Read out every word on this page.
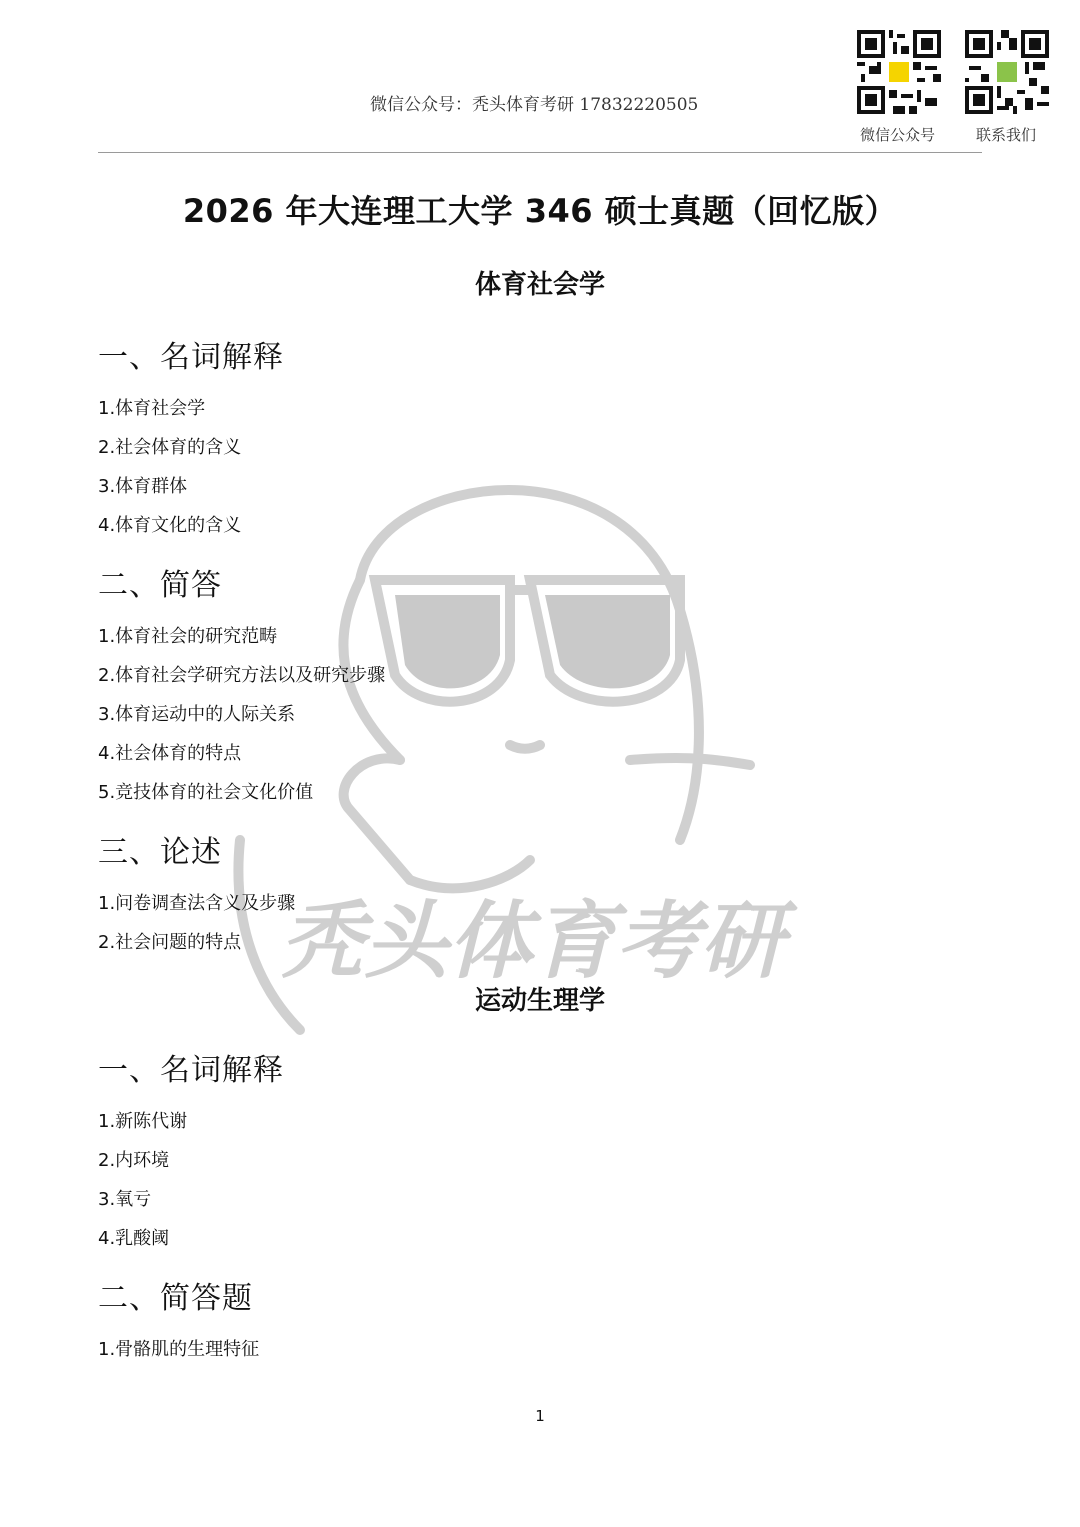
秃头体育考研
微信公众号：秃头体育考研 17832220505
微信公众号	联系我们
2026 年大连理工大学 346 硕士真题（回忆版）
体育社会学
一、名词解释
1.体育社会学
2.社会体育的含义
3.体育群体
4.体育文化的含义
二、简答
1.体育社会的研究范畴
2.体育社会学研究方法以及研究步骤
3.体育运动中的人际关系
4.社会体育的特点
5.竞技体育的社会文化价值
三、论述
1.问卷调查法含义及步骤
2.社会问题的特点
运动生理学
一、名词解释
1.新陈代谢
2.内环境
3.氧亏
4.乳酸阈
二、简答题
1.骨骼肌的生理特征
1
